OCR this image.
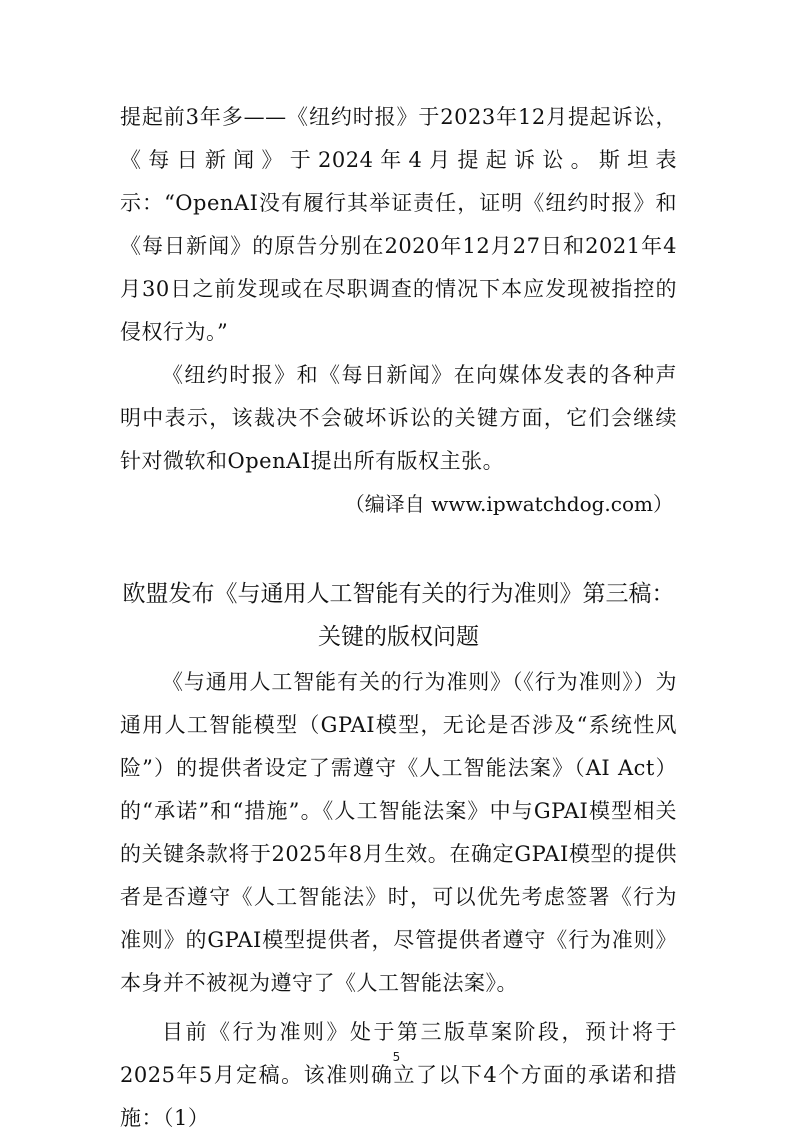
提起前3年多——《纽约时报》于2023年12月提起诉讼，《每日新闻》于2024年4月提起诉讼。斯坦表示：“OpenAI没有履行其举证责任，证明《纽约时报》和《每日新闻》的原告分别在2020年12月27日和2021年4月30日之前发现或在尽职调查的情况下本应发现被指控的侵权行为。”

《纽约时报》和《每日新闻》在向媒体发表的各种声明中表示，该裁决不会破坏诉讼的关键方面，它们会继续针对微软和OpenAI提出所有版权主张。

（编译自 www.ipwatchdog.com）

欧盟发布《与通用人工智能有关的行为准则》第三稿：
关键的版权问题

《与通用人工智能有关的行为准则》（《行为准则》）为通用人工智能模型（GPAI模型，无论是否涉及“系统性风险”）的提供者设定了需遵守《人工智能法案》（AI Act）的“承诺”和“措施”。《人工智能法案》中与GPAI模型相关的关键条款将于2025年8月生效。在确定GPAI模型的提供者是否遵守《人工智能法》时，可以优先考虑签署《行为准则》的GPAI模型提供者，尽管提供者遵守《行为准则》本身并不被视为遵守了《人工智能法案》。

目前《行为准则》处于第三版草案阶段，预计将于2025年5月定稿。该准则确立了以下4个方面的承诺和措施：（1）

5
